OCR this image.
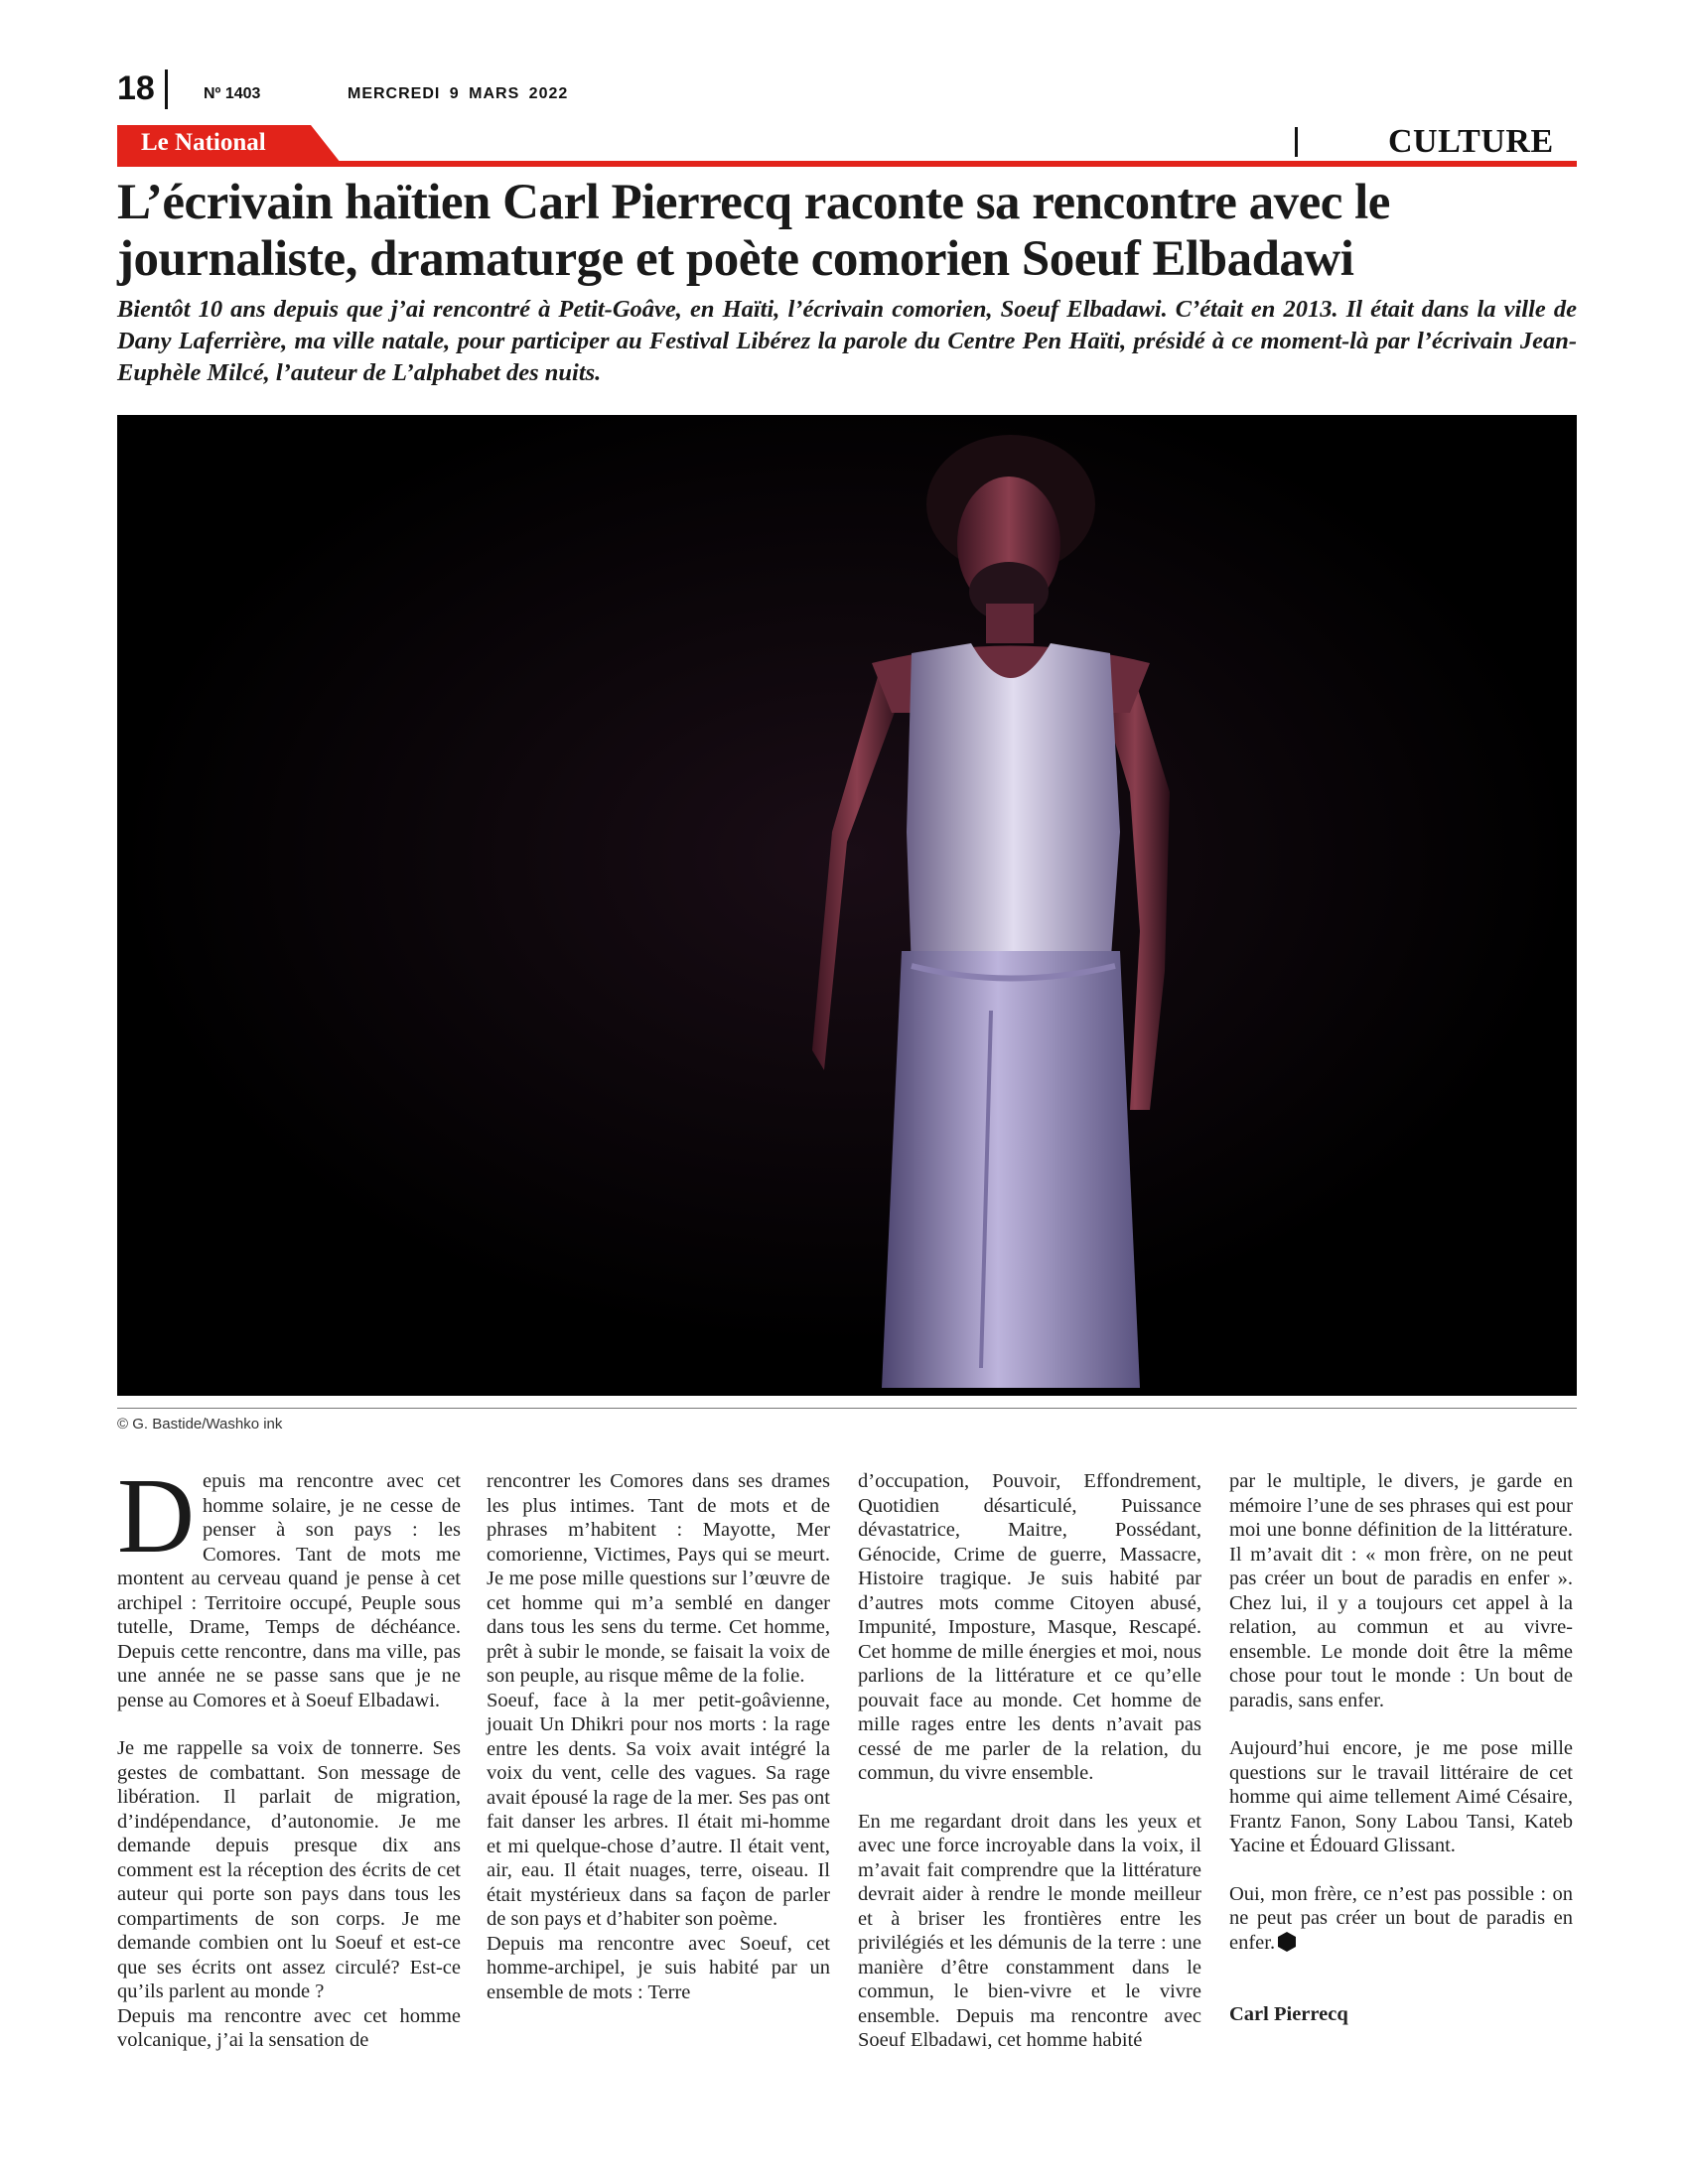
18	Nº 1403	MERCREDI 9 MARS 2022
Le National	CULTURE
L’écrivain haïtien Carl Pierrecq raconte sa rencontre avec le journaliste, dramaturge et poète comorien Soeuf Elbadawi
Bientôt 10 ans depuis que j’ai rencontré à Petit-Goâve, en Haïti, l’écrivain comorien, Soeuf Elbadawi. C’était en 2013. Il était dans la ville de Dany Laferrière, ma ville natale, pour participer au Festival Libérez la parole du Centre Pen Haïti, présidé à ce moment-là par l’écrivain Jean-Euphèle Milcé, l’auteur de L’alphabet des nuits.
© G. Bastide/Washko ink

Depuis ma rencontre avec cet homme solaire, je ne cesse de penser à son pays : les Comores. Tant de mots me montent au cerveau quand je pense à cet archipel : Territoire occupé, Peuple sous tutelle, Drame, Temps de déchéance. Depuis cette rencontre, dans ma ville, pas une année ne se passe sans que je ne pense au Comores et à Soeuf Elbadawi.

Je me rappelle sa voix de tonnerre. Ses gestes de combattant. Son message de libération. Il parlait de migration, d’indépendance, d’autonomie. Je me demande depuis presque dix ans comment est la réception des écrits de cet auteur qui porte son pays dans tous les compartiments de son corps. Je me demande combien ont lu Soeuf et est-ce que ses écrits ont assez circulé? Est-ce qu’ils parlent au monde ?

Depuis ma rencontre avec cet homme volcanique, j’ai la sensation de

rencontrer les Comores dans ses drames les plus intimes. Tant de mots et de phrases m’habitent : Mayotte, Mer comorienne, Victimes, Pays qui se meurt. Je me pose mille questions sur l’œuvre de cet homme qui m’a semblé en danger dans tous les sens du terme. Cet homme, prêt à subir le monde, se faisait la voix de son peuple, au risque même de la folie.

Soeuf, face à la mer petit-goâvienne, jouait Un Dhikri pour nos morts : la rage entre les dents. Sa voix avait intégré la voix du vent, celle des vagues. Sa rage avait épousé la rage de la mer. Ses pas ont fait danser les arbres. Il était mi-homme et mi quelque-chose d’autre. Il était vent, air, eau. Il était nuages, terre, oiseau. Il était mystérieux dans sa façon de parler de son pays et d’habiter son poème.

Depuis ma rencontre avec Soeuf, cet homme-archipel, je suis habité par un ensemble de mots : Terre

d’occupation, Pouvoir, Effondrement, Quotidien désarticulé, Puissance dévastatrice, Maitre, Possédant, Génocide, Crime de guerre, Massacre, Histoire tragique. Je suis habité par d’autres mots comme Citoyen abusé, Impunité, Imposture, Masque, Rescapé. Cet homme de mille énergies et moi, nous parlions de la littérature et ce qu’elle pouvait face au monde. Cet homme de mille rages entre les dents n’avait pas cessé de me parler de la relation, du commun, du vivre ensemble.

En me regardant droit dans les yeux et avec une force incroyable dans la voix, il m’avait fait comprendre que la littérature devrait aider à rendre le monde meilleur et à briser les frontières entre les privilégiés et les démunis de la terre : une manière d’être constamment dans le commun, le bien-vivre et le vivre ensemble. Depuis ma rencontre avec Soeuf Elbadawi, cet homme habité

par le multiple, le divers, je garde en mémoire l’une de ses phrases qui est pour moi une bonne définition de la littérature. Il m’avait dit : « mon frère, on ne peut pas créer un bout de paradis en enfer ». Chez lui, il y a toujours cet appel à la relation, au commun et au vivre-ensemble. Le monde doit être la même chose pour tout le monde : Un bout de paradis, sans enfer.

Aujourd’hui encore, je me pose mille questions sur le travail littéraire de cet homme qui aime tellement Aimé Césaire, Frantz Fanon, Sony Labou Tansi, Kateb Yacine et Édouard Glissant.

Oui, mon frère, ce n’est pas possible : on ne peut pas créer un bout de paradis en enfer.

Carl Pierrecq
